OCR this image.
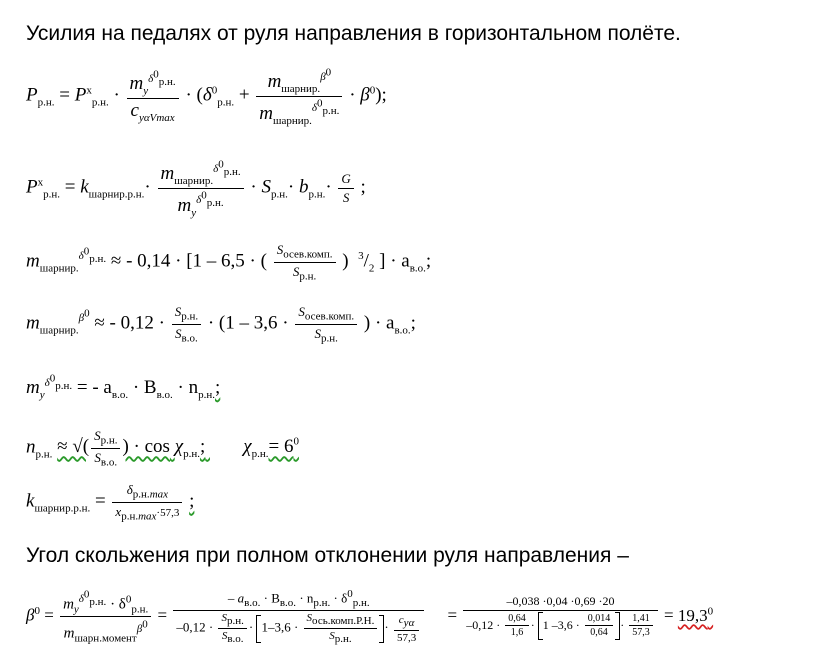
Усилия на педалях от руля направления в горизонтальном полёте.
$P_{р.н.} = P^x_{р.н.} \cdot \frac{m_y^{\delta^0_{р.н.}}}{c_{y\alpha Vmax}} \cdot (\delta^0_{р.н.} + \frac{m_{шарнир.}^{\beta^0}}{m_{шарнир.}^{\delta^0_{р.н.}}} \cdot \beta^0)$;
$P^x_{р.н.} = k_{шарнир.р.н.}\cdot \frac{m_{шарнир.}^{\delta^0_{р.н.}}}{m_y^{\delta^0_{р.н.}}} \cdot S_{р.н.}\cdot b_{р.н.}\cdot \frac{G}{S}$ ;
$m_{шарнир.}^{\delta^0_{р.н.}}$ ≈ - 0,14 · [1 – 6,5 · ( $\frac{S_{осев.комп.}}{S_{р.н.}}$ ) $^3/_2$ ] · $a_{в.о.}$;
$m_{шарнир.}^{\beta^0}$ ≈ - $0,12 \cdot \frac{S_{р.н.}}{S_{в.о.}} \cdot (1 - 3,6 \cdot \frac{S_{осев.комп.}}{S_{р.н.}}$ ) · $a_{в.о.}$;
$m_y^{\delta^0_{р.н.}}$ = - $a_{в.о.} \cdot B_{в.о.} \cdot n_{р.н.}$;
$n_{р.н.}$ ≈ √( $\frac{S_{р.н.}}{S_{в.о.}}$ ) · $\cos \chi_{р.н.}$; $\chi_{р.н.}= 6^0$
$k_{шарнир.р.н.} = \frac{\delta_{р.н.max}}{x_{р.н.max}\cdot 57,3}$ ;
Угол скольжения при полном отклонении руля направления –
$\beta^0 = \frac{m_y^{\delta^0_{р.н.}} \cdot \delta^0_{р.н.}}{m_{шарн.момент}^{\beta^0}}$ =
– $a_{в.о.} \cdot B_{в.о.} \cdot n_{р.н.} \cdot \delta^0_{р.н.}$
$-0,12 \cdot \frac{S_{р.н.}}{S_{в.о.}} \cdot 1-3,6 \cdot \frac{S_{ось.комп.Р.Н.}}{S_{р.н.}} \cdot \frac{c_{y\alpha}}{57,3}$ =
–0,038 ·0,04 ·0,69 ·20
$-0,12 \cdot \frac{0,64}{1,6} \cdot 1$ $-3,6 \cdot \frac{0,014}{0,64} \cdot \frac{1,41}{57,3} = 19,3^0$
